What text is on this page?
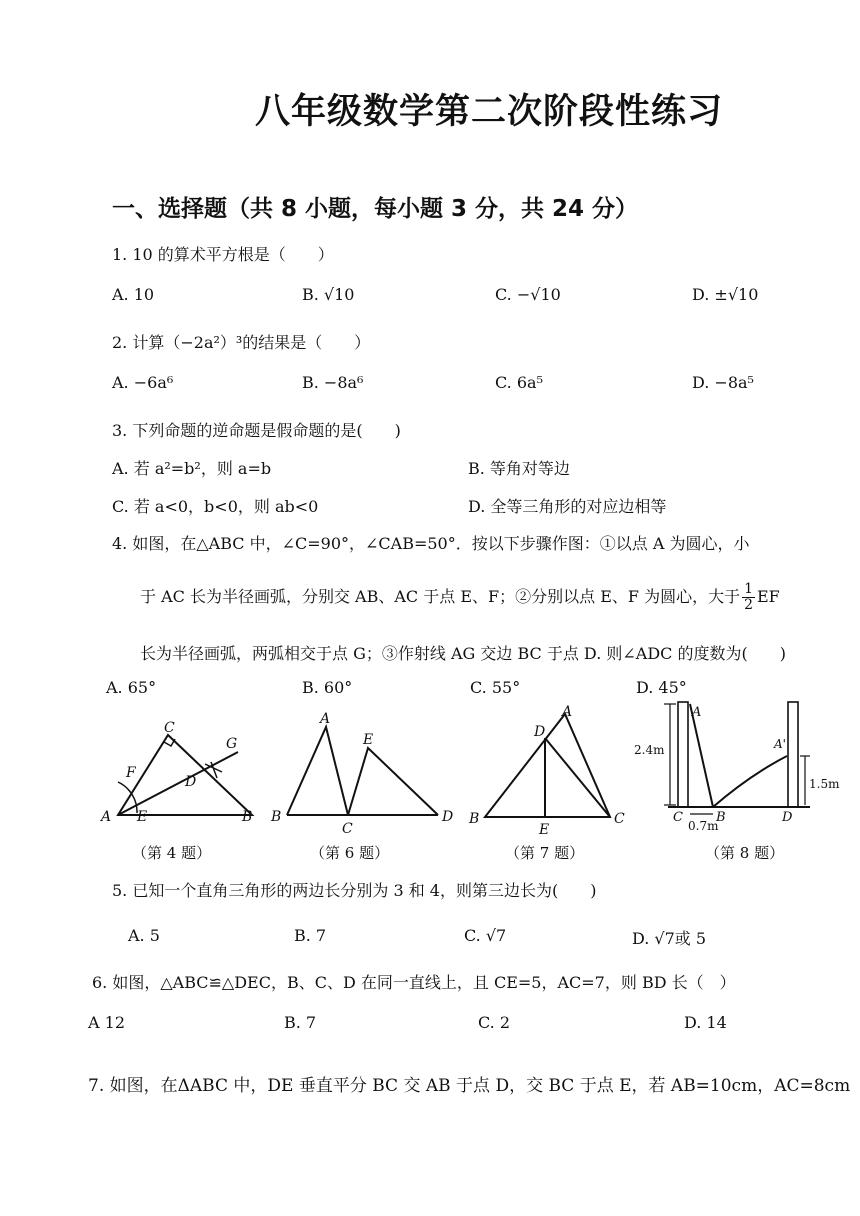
八年级数学第二次阶段性练习
一、选择题（共 8 小题，每小题 3 分，共 24 分）
1. 10 的算术平方根是（　　）
A. 10	B. √10	C. −√10	D. ±√10
2. 计算（−2a²）³的结果是（　　）
A. −6a⁶	B. −8a⁶	C. 6a⁵	D. −8a⁵
3. 下列命题的逆命题是假命题的是(　　)
A. 若 a²=b²，则 a=b	B. 等角对等边
C. 若 a<0，b<0，则 ab<0	D. 全等三角形的对应边相等
4. 如图，在△ABC 中，∠C=90°，∠CAB=50°．按以下步骤作图：①以点 A 为圆心，小
于 AC 长为半径画弧，分别交 AB、AC 于点 E、F；②分别以点 E、F 为圆心，大于 $\frac{1}{2}$ EF
长为半径画弧，两弧相交于点 G；③作射线 AG 交边 BC 于点 D. 则∠ADC 的度数为(　　)
A. 65°	B. 60°	C. 55°	D. 45°
A	B
C
D
E
F
G
A
B
C
D
E
A
B	C
D
E
A
A'
B
C	D
2.4m
1.5m
0.7m
（第 4 题）	（第 6 题）	（第 7 题）	（第 8 题）
5. 已知一个直角三角形的两边长分别为 3 和 4，则第三边长为(　　)
A. 5	B. 7	C. √7	D. √7或 5
6. 如图，△ABC≌△DEC，B、C、D 在同一直线上，且 CE=5，AC=7，则 BD 长（　）
A 12	B. 7	C. 2	D. 14
7. 如图，在ΔABC 中，DE 垂直平分 BC 交 AB 于点 D，交 BC 于点 E，若 AB=10cm，AC=8cm
